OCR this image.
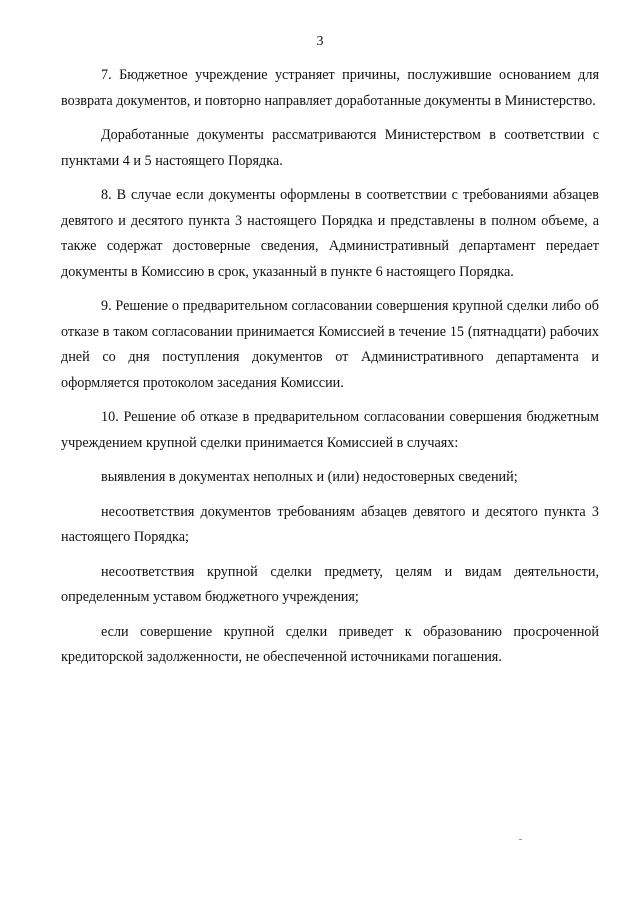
3

7. Бюджетное учреждение устраняет причины, послужившие основанием для возврата документов, и повторно направляет доработанные документы в Министерство.

Доработанные документы рассматриваются Министерством в соответствии с пунктами 4 и 5 настоящего Порядка.

8. В случае если документы оформлены в соответствии с требованиями абзацев девятого и десятого пункта 3 настоящего Порядка и представлены в полном объеме, а также содержат достоверные сведения, Административный департамент передает документы в Комиссию в срок, указанный в пункте 6 настоящего Порядка.

9. Решение о предварительном согласовании совершения крупной сделки либо об отказе в таком согласовании принимается Комиссией в течение 15 (пятнадцати) рабочих дней со дня поступления документов от Административного департамента и оформляется протоколом заседания Комиссии.

10. Решение об отказе в предварительном согласовании совершения бюджетным учреждением крупной сделки принимается Комиссией в случаях:

выявления в документах неполных и (или) недостоверных сведений;

несоответствия документов требованиям абзацев девятого и десятого пункта 3 настоящего Порядка;

несоответствия крупной сделки предмету, целям и видам деятельности, определенным уставом бюджетного учреждения;

если совершение крупной сделки приведет к образованию просроченной кредиторской задолженности, не обеспеченной источниками погашения.
